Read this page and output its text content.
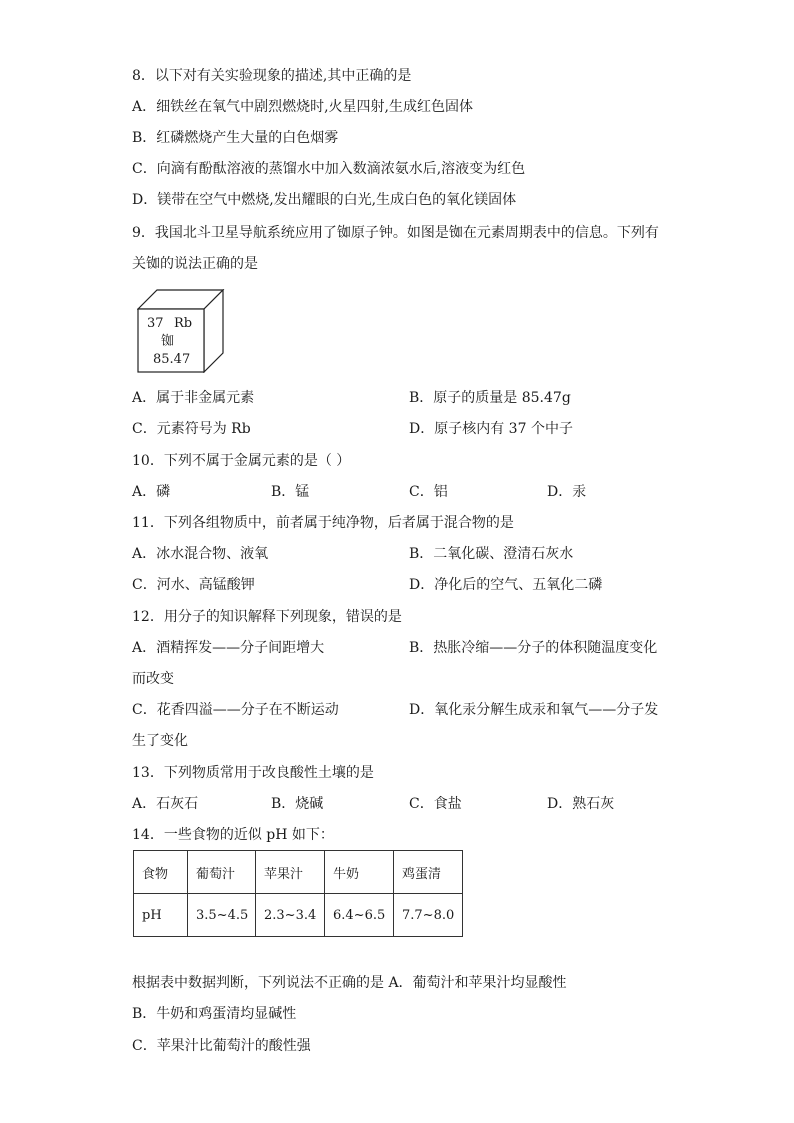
8．以下对有关实验现象的描述,其中正确的是
A．细铁丝在氧气中剧烈燃烧时,火星四射,生成红色固体
B．红磷燃烧产生大量的白色烟雾
C．向滴有酚酞溶液的蒸馏水中加入数滴浓氨水后,溶液变为红色
D．镁带在空气中燃烧,发出耀眼的白光,生成白色的氧化镁固体
9．我国北斗卫星导航系统应用了铷原子钟。如图是铷在元素周期表中的信息。下列有
关铷的说法正确的是
37 Rb
铷
85.47
A．属于非金属元素	B．原子的质量是 85.47g
C．元素符号为 Rb	D．原子核内有 37 个中子
10．下列不属于金属元素的是（ ）
A．磷	B．锰	C．铝	D．汞
11．下列各组物质中，前者属于纯净物，后者属于混合物的是
A．冰水混合物、液氧	B．二氧化碳、澄清石灰水
C．河水、高锰酸钾	D．净化后的空气、五氧化二磷
12．用分子的知识解释下列现象，错误的是
A．酒精挥发——分子间距增大	B．热胀冷缩——分子的体积随温度变化
而改变
C．花香四溢——分子在不断运动	D．氧化汞分解生成汞和氧气——分子发
生了变化
13．下列物质常用于改良酸性土壤的是
A．石灰石	B．烧碱	C．食盐	D．熟石灰
14．一些食物的近似 pH 如下：
食物	葡萄汁	苹果汁	牛奶	鸡蛋清
pH	3.5~4.5	2.3~3.4	6.4~6.5	7.7~8.0
根据表中数据判断，下列说法不正确的是 A．葡萄汁和苹果汁均显酸性
B．牛奶和鸡蛋清均显碱性
C．苹果汁比葡萄汁的酸性强
